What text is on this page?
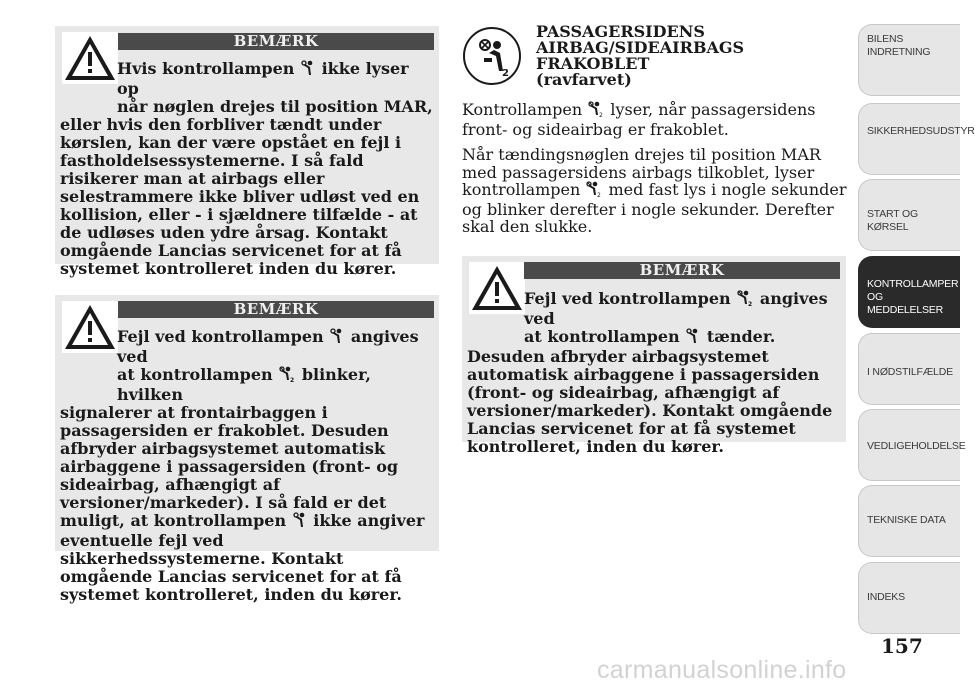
BEMÆRK
Hvis kontrollampen ikke lyser op
når nøglen drejes til position MAR,
eller hvis den forbliver tændt under kørslen, kan der være opstået en fejl i fastholdelsessystemerne. I så fald risikerer man at airbags eller selestrammere ikke bliver udløst ved en kollision, eller - i sjældnere tilfælde - at de udløses uden ydre årsag. Kontakt omgående Lancias servicenet for at få systemet kontrolleret inden du kører.
BEMÆRK
Fejl ved kontrollampen angives ved
at kontrollampen	2 blinker, hvilken
signalerer at frontairbaggen i passagersiden er frakoblet. Desuden afbryder airbagsystemet automatisk airbaggene i passagersiden (front- og sideairbag, afhængigt af versioner/markeder). I så fald er det muligt, at kontrollampen ikke angiver eventuelle fejl ved sikkerhedssystemerne. Kontakt omgående Lancias servicenet for at få systemet kontrolleret, inden du kører.
2
PASSAGERSIDENS
AIRBAG/SIDEAIRBAGS FRAKOBLET
(ravfarvet)
Kontrollampen	2 lyser, når passagersidens front- og sideairbag er frakoblet.
Når tændingsnøglen drejes til position MAR med passagersidens airbags tilkoblet, lyser kontrollampen	2 med fast lys i nogle sekunder og blinker derefter i nogle sekunder. Derefter skal den slukke.
BEMÆRK
Fejl ved kontrollampen	2 angives ved
at kontrollampen tænder.
Desuden afbryder airbagsystemet automatisk airbaggene i passagersiden (front- og sideairbag, afhængigt af versioner/markeder). Kontakt omgående Lancias servicenet for at få systemet kontrolleret, inden du kører.
BILENS
INDRETNING
SIKKERHEDSUDSTYR
START OG KØRSEL
KONTROLLAMPER
OG MEDDELELSER
I NØDSTILFÆLDE
VEDLIGEHOLDELSE
TEKNISKE DATA
INDEKS
157
carmanualsonline.info
